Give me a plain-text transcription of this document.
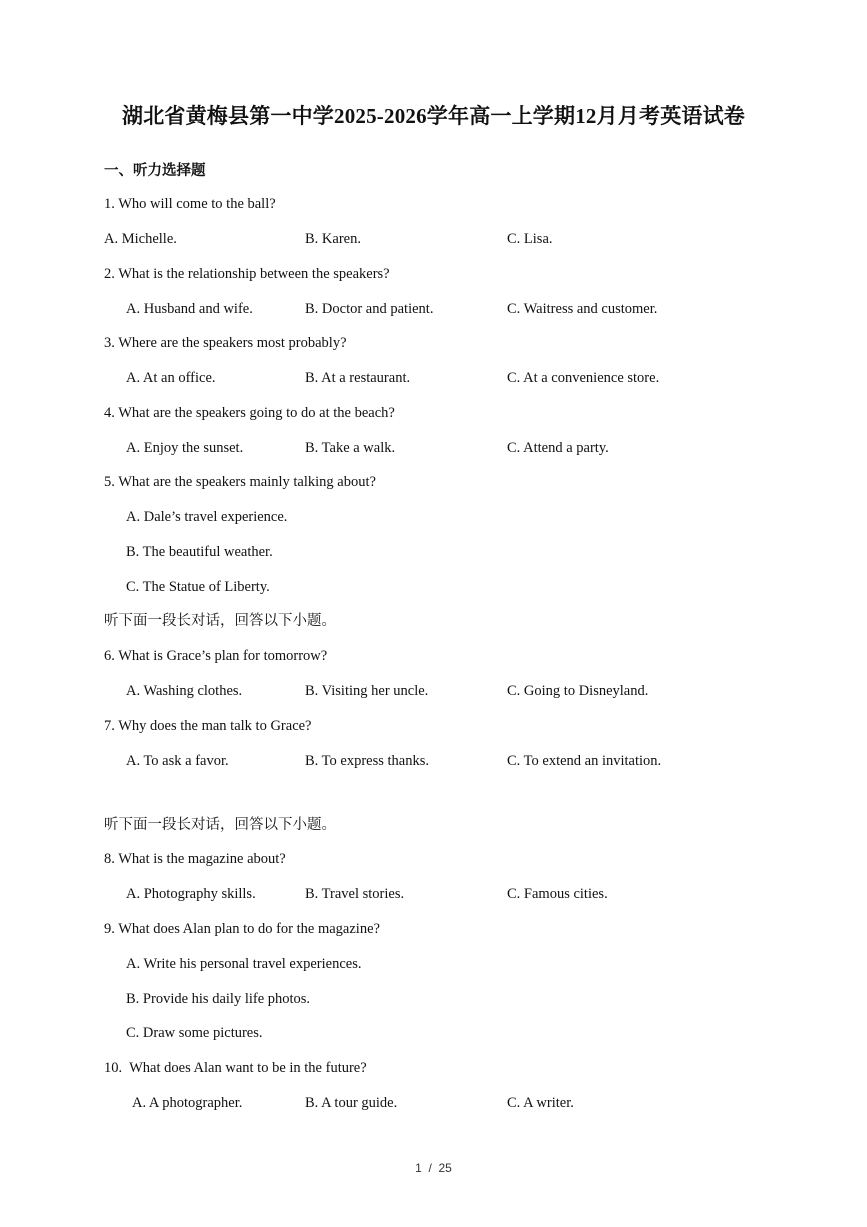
湖北省黄梅县第一中学2025-2026学年高一上学期12月月考英语试卷
一、听力选择题
1. Who will come to the ball?
A. Michelle.	B. Karen.	C. Lisa.
2. What is the relationship between the speakers?
A. Husband and wife.	B. Doctor and patient.	C. Waitress and customer.
3. Where are the speakers most probably?
A. At an office.	B. At a restaurant.	C. At a convenience store.
4. What are the speakers going to do at the beach?
A. Enjoy the sunset.	B. Take a walk.	C. Attend a party.
5. What are the speakers mainly talking about?
A. Dale’s travel experience.
B. The beautiful weather.
C. The Statue of Liberty.
听下面一段长对话，回答以下小题。
6. What is Grace’s plan for tomorrow?
A. Washing clothes.	B. Visiting her uncle.	C. Going to Disneyland.
7. Why does the man talk to Grace?
A. To ask a favor.	B. To express thanks.	C. To extend an invitation.
听下面一段长对话，回答以下小题。
8. What is the magazine about?
A. Photography skills.	B. Travel stories.	C. Famous cities.
9. What does Alan plan to do for the magazine?
A. Write his personal travel experiences.
B. Provide his daily life photos.
C. Draw some pictures.
10.  What does Alan want to be in the future?
A. A photographer.	B. A tour guide.	C. A writer.
1  /  25
